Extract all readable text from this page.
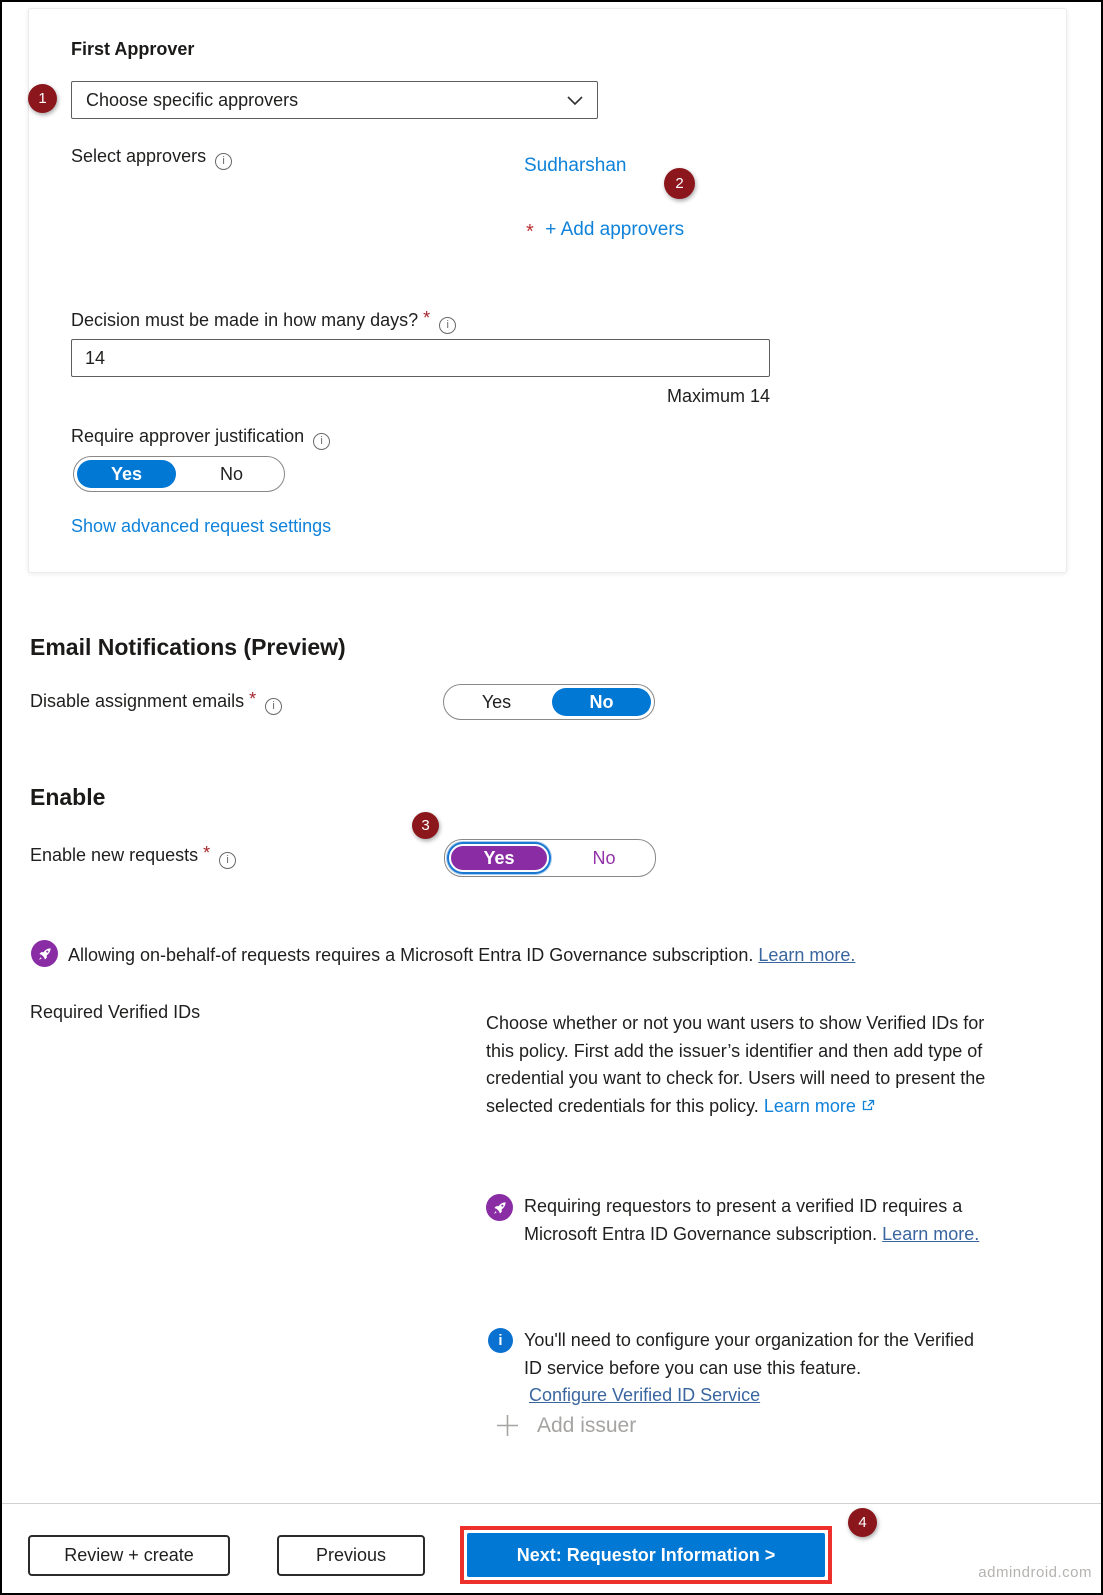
First Approver
Choose specific approvers
Select approvers i	Sudharshan
* + Add approvers
Decision must be made in how many days? * i
14
Maximum 14
Require approver justification i
Yes	No
Show advanced request settings
1
2
Email Notifications (Preview)
Disable assignment emails * i	Yes	No
Enable
3
Enable new requests * i	Yes	No
Allowing on-behalf-of requests requires a Microsoft Entra ID Governance subscription. Learn more.
Required Verified IDs
Choose whether or not you want users to show Verified IDs for this policy. First add the issuer’s identifier and then add type of credential you want to check for. Users will need to present the selected credentials for this policy. Learn more
Requiring requestors to present a verified ID requires a Microsoft Entra ID Governance subscription. Learn more.
i	You'll need to configure your organization for the Verified ID service before you can use this feature.
Configure Verified ID Service
Add issuer
Review + create	Previous	Next: Requestor Information >
4
admindroid.com
